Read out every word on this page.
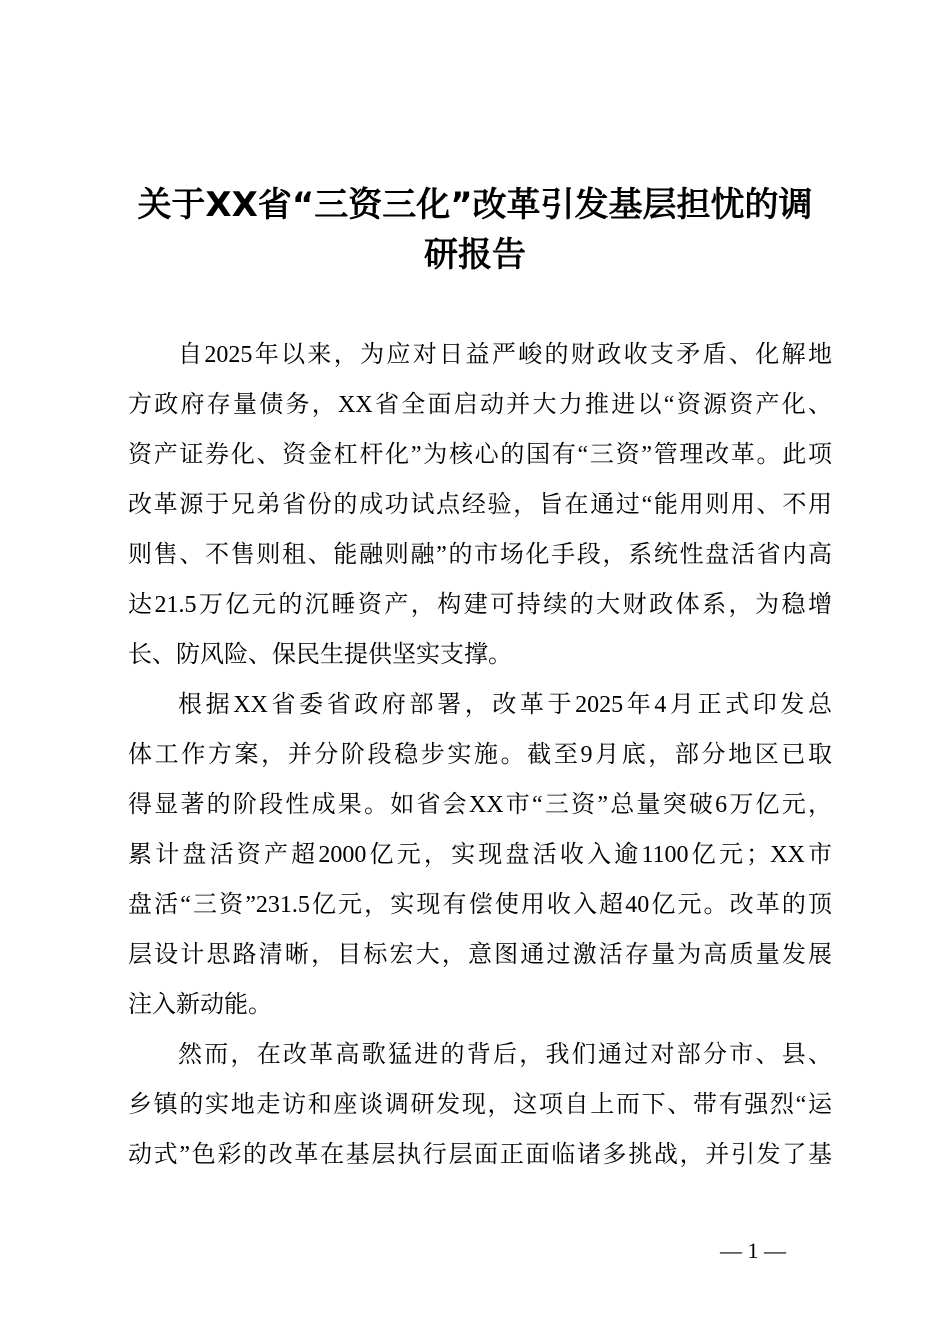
关于XX省“三资三化”改革引发基层担忧的调
研报告
自2025年以来，为应对日益严峻的财政收支矛盾、化解地
方政府存量债务，XX省全面启动并大力推进以“资源资产化、
资产证券化、资金杠杆化”为核心的国有“三资”管理改革。此项
改革源于兄弟省份的成功试点经验，旨在通过“能用则用、不用
则售、不售则租、能融则融”的市场化手段，系统性盘活省内高
达21.5万亿元的沉睡资产，构建可持续的大财政体系，为稳增
长、防风险、保民生提供坚实支撑。
根据XX省委省政府部署，改革于2025年4月正式印发总
体工作方案，并分阶段稳步实施。截至9月底，部分地区已取
得显著的阶段性成果。如省会XX市“三资”总量突破6万亿元，
累计盘活资产超2000亿元，实现盘活收入逾1100亿元；XX市
盘活“三资”231.5亿元，实现有偿使用收入超40亿元。改革的顶
层设计思路清晰，目标宏大，意图通过激活存量为高质量发展
注入新动能。
然而，在改革高歌猛进的背后，我们通过对部分市、县、
乡镇的实地走访和座谈调研发现，这项自上而下、带有强烈“运
动式”色彩的改革在基层执行层面正面临诸多挑战，并引发了基
— 1 —
